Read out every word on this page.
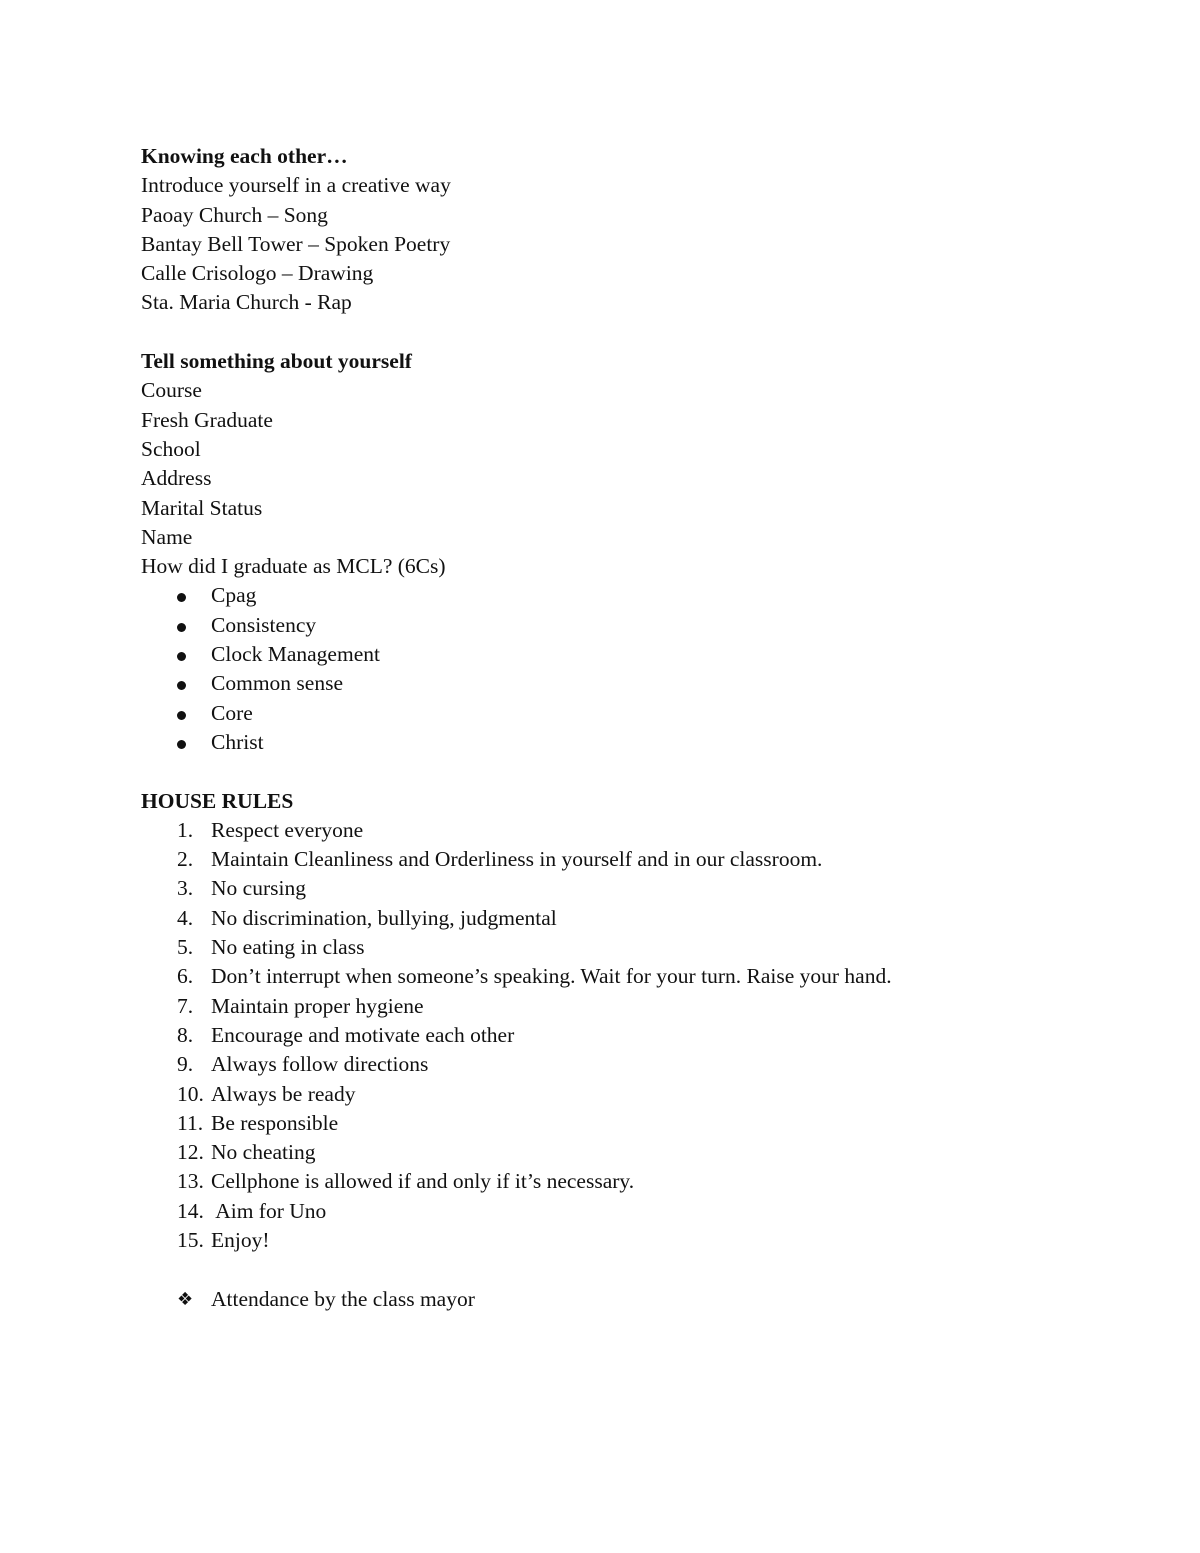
Knowing each other…
Introduce yourself in a creative way
Paoay Church – Song
Bantay Bell Tower – Spoken Poetry
Calle Crisologo – Drawing
Sta. Maria Church - Rap
Tell something about yourself
Course
Fresh Graduate
School
Address
Marital Status
Name
How did I graduate as MCL? (6Cs)
Cpag
Consistency
Clock Management
Common sense
Core
Christ
HOUSE RULES
1. Respect everyone
2. Maintain Cleanliness and Orderliness in yourself and in our classroom.
3. No cursing
4. No discrimination, bullying, judgmental
5. No eating in class
6. Don’t interrupt when someone’s speaking. Wait for your turn. Raise your hand.
7. Maintain proper hygiene
8. Encourage and motivate each other
9. Always follow directions
10. Always be ready
11. Be responsible
12. No cheating
13. Cellphone is allowed if and only if it’s necessary.
14. Aim for Uno
15. Enjoy!
❖ Attendance by the class mayor
